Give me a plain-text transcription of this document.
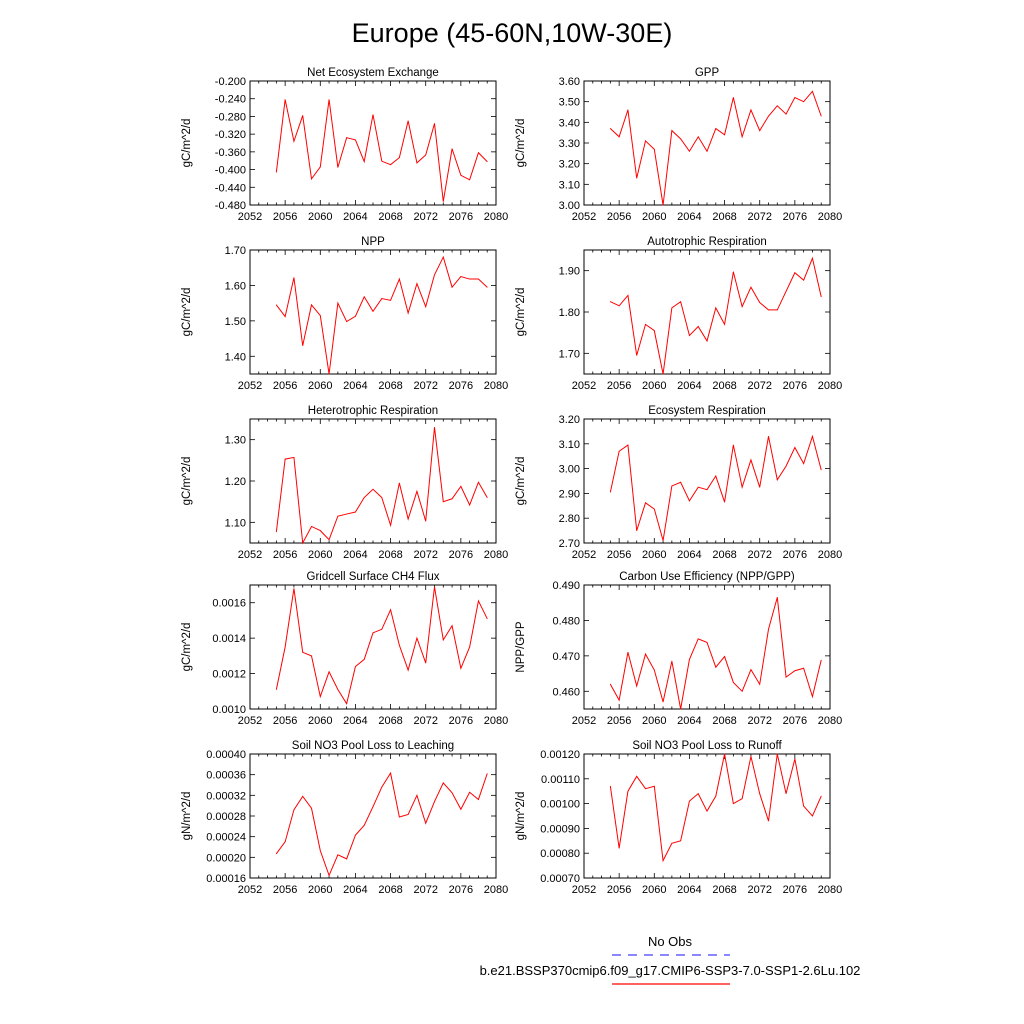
Europe (45-60N,10W-30E)
Net Ecosystem Exchange
2052 2056 2060 2064 2068 2072 2076 2080
-0.200
-0.240
-0.280
-0.320
-0.360
-0.400
-0.440
-0.480
gC/m^2/d
GPP
2052 2056 2060 2064 2068 2072 2076 2080
3.60
3.50
3.40
3.30
3.20
3.10
3.00
gC/m^2/d
NPP
2052 2056 2060 2064 2068 2072 2076 2080
1.70
1.60
1.50
1.40
gC/m^2/d
Autotrophic Respiration
2052 2056 2060 2064 2068 2072 2076 2080
1.90
1.80
1.70
gC/m^2/d
Heterotrophic Respiration
2052 2056 2060 2064 2068 2072 2076 2080
1.30
1.20
1.10
gC/m^2/d
Ecosystem Respiration
2052 2056 2060 2064 2068 2072 2076 2080
3.20
3.10
3.00
2.90
2.80
2.70
gC/m^2/d
Gridcell Surface CH4 Flux
2052 2056 2060 2064 2068 2072 2076 2080
0.0016
0.0014
0.0012
0.0010
gC/m^2/d
Carbon Use Efficiency (NPP/GPP)
2052 2056 2060 2064 2068 2072 2076 2080
0.490
0.480
0.470
0.460
NPP/GPP
Soil NO3 Pool Loss to Leaching
2052 2056 2060 2064 2068 2072 2076 2080
0.00040
0.00036
0.00032
0.00028
0.00024
0.00020
0.00016
gN/m^2/d
Soil NO3 Pool Loss to Runoff
2052 2056 2060 2064 2068 2072 2076 2080
0.00120
0.00110
0.00100
0.00090
0.00080
0.00070
gN/m^2/d
No Obs
b.e21.BSSP370cmip6.f09_g17.CMIP6-SSP3-7.0-SSP1-2.6Lu.102
